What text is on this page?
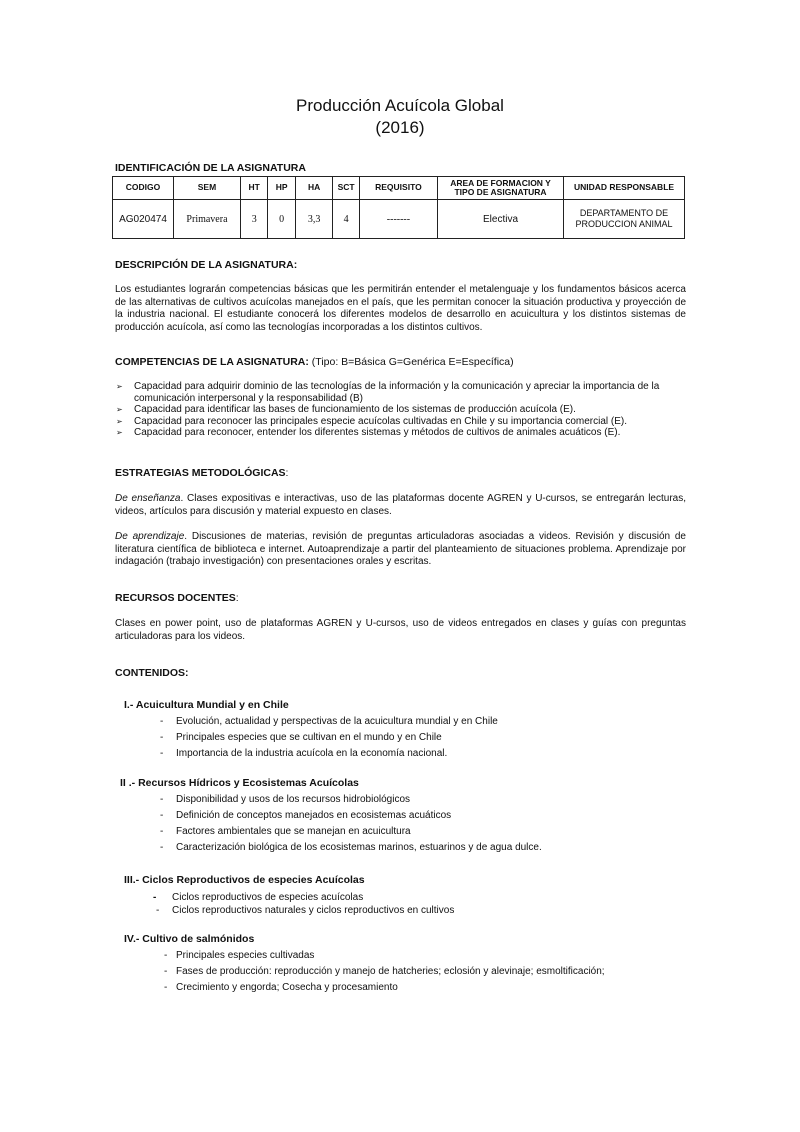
Producción Acuícola Global
(2016)
IDENTIFICACIÓN DE LA ASIGNATURA
CODIGO	SEM	HT	HP	HA	SCT	REQUISITO	AREA DE FORMACION Y TIPO DE ASIGNATURA	UNIDAD RESPONSABLE
AG020474	Primavera	3	0	3,3	4	-------	Electiva	DEPARTAMENTO DE PRODUCCION ANIMAL
DESCRIPCIÓN DE LA ASIGNATURA:
Los estudiantes lograrán competencias básicas que les permitirán entender el metalenguaje y los fundamentos básicos acerca de las alternativas de cultivos acuícolas manejados en el país, que les permitan conocer la situación productiva y proyección de la industria nacional. El estudiante conocerá los diferentes modelos de desarrollo en acuicultura y los distintos sistemas de producción acuícola, así como las tecnologías incorporadas a los distintos cultivos.
COMPETENCIAS DE LA ASIGNATURA: (Tipo: B=Básica G=Genérica E=Específica)
➢ Capacidad para adquirir dominio de las tecnologías de la información y la comunicación y apreciar la importancia de la comunicación interpersonal y la responsabilidad (B)
➢ Capacidad para identificar las bases de funcionamiento de los sistemas de producción acuícola (E).
➢ Capacidad para reconocer las principales especie acuícolas cultivadas en Chile y su importancia comercial (E).
➢ Capacidad para reconocer, entender los diferentes sistemas y métodos de cultivos de animales acuáticos (E).
ESTRATEGIAS METODOLÓGICAS:
De enseñanza. Clases expositivas e interactivas, uso de las plataformas docente AGREN y U-cursos, se entregarán lecturas, videos, artículos para discusión y material expuesto en clases.
De aprendizaje. Discusiones de materias, revisión de preguntas articuladoras asociadas a videos. Revisión y discusión de literatura científica de biblioteca e internet. Autoaprendizaje a partir del planteamiento de situaciones problema. Aprendizaje por indagación (trabajo investigación) con presentaciones orales y escritas.
RECURSOS DOCENTES:
Clases en power point, uso de plataformas AGREN y U-cursos, uso de videos entregados en clases y guías con preguntas articuladoras para los videos.
CONTENIDOS:
I.- Acuicultura Mundial y en Chile
- Evolución, actualidad y perspectivas de la acuicultura mundial y en Chile
- Principales especies que se cultivan en el mundo y en Chile
- Importancia de la industria acuícola en la economía nacional.
II .- Recursos Hídricos y Ecosistemas Acuícolas
- Disponibilidad y usos de los recursos hidrobiológicos
- Definición de conceptos manejados en ecosistemas acuáticos
- Factores ambientales que se manejan en acuicultura
- Caracterización biológica de los ecosistemas marinos, estuarinos y de agua dulce.
III.- Ciclos Reproductivos de especies Acuícolas
- Ciclos reproductivos de especies acuícolas
- Ciclos reproductivos naturales y ciclos reproductivos en cultivos
IV.- Cultivo de salmónidos
- Principales especies cultivadas
- Fases de producción: reproducción y manejo de hatcheries; eclosión y alevinaje; esmoltificación;
- Crecimiento y engorda; Cosecha y procesamiento
